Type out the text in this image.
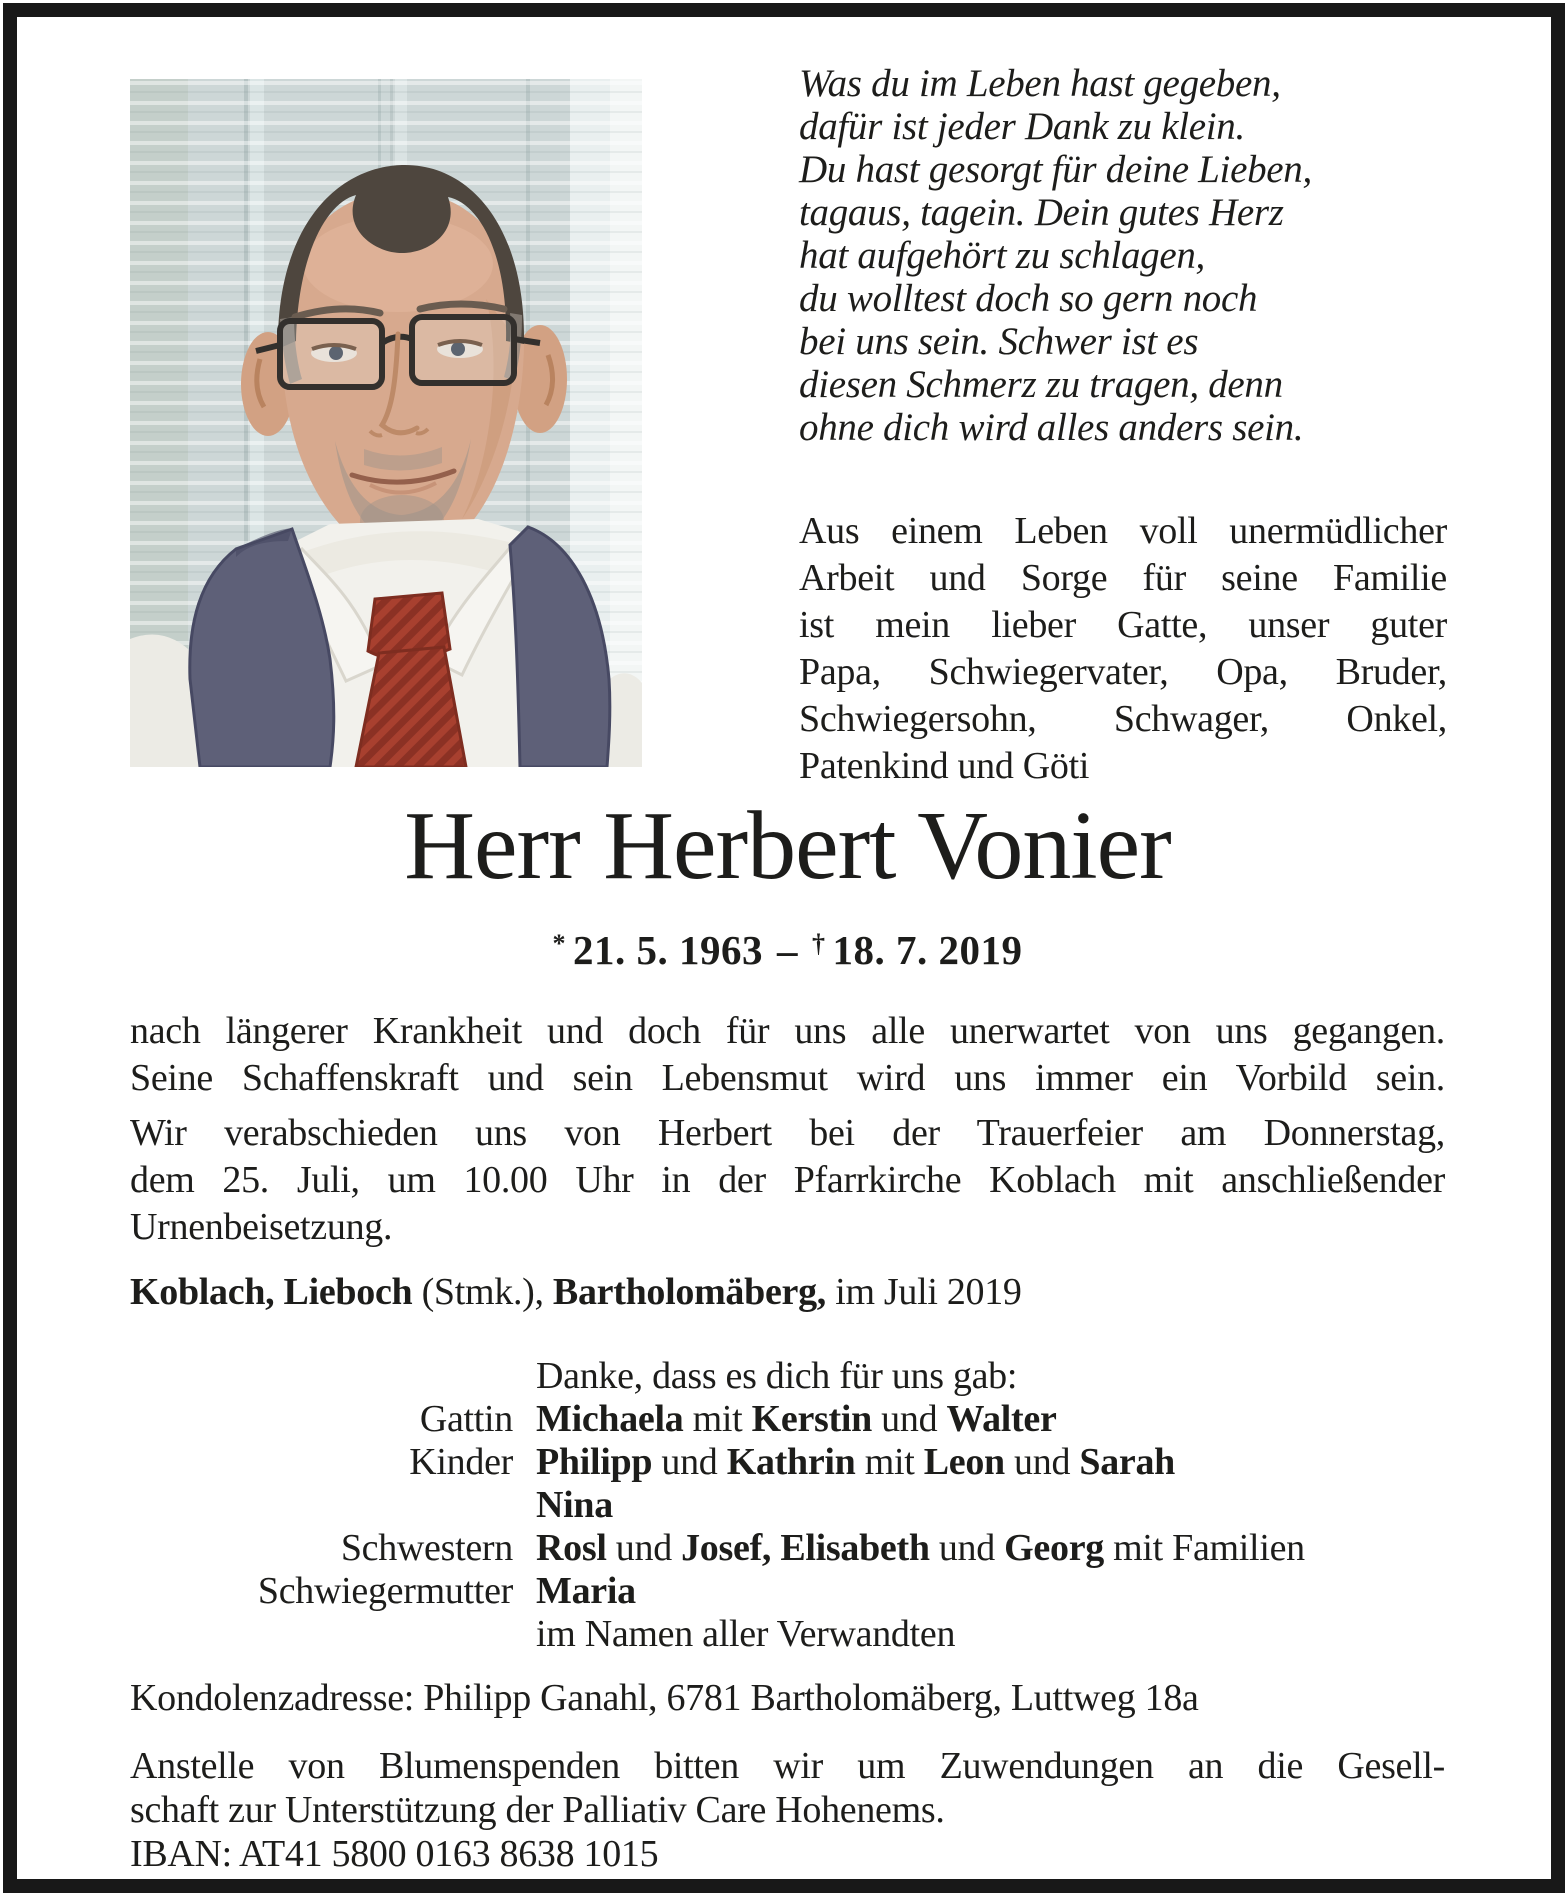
Was du im Leben hast gegeben,
dafür ist jeder Dank zu klein.
Du hast gesorgt für deine Lieben,
tagaus, tagein. Dein gutes Herz
hat aufgehört zu schlagen,
du wolltest doch so gern noch
bei uns sein. Schwer ist es
diesen Schmerz zu tragen, denn
ohne dich wird alles anders sein.
Aus einem Leben voll unermüdlicher
Arbeit und Sorge für seine Familie
ist mein lieber Gatte, unser guter
Papa, Schwiegervater, Opa, Bruder,
Schwiegersohn, Schwager, Onkel,
Patenkind und Göti
Herr Herbert Vonier
* 21. 5. 1963 – † 18. 7. 2019
nach längerer Krankheit und doch für uns alle unerwartet von uns gegangen.
Seine Schaffenskraft und sein Lebensmut wird uns immer ein Vorbild sein.
Wir verabschieden uns von Herbert bei der Trauerfeier am Donnerstag,
dem 25. Juli, um 10.00 Uhr in der Pfarrkirche Koblach mit anschließender
Urnenbeisetzung.
Koblach, Lieboch (Stmk.), Bartholomäberg, im Juli 2019
Danke, dass es dich für uns gab:
Gattin Michaela mit Kerstin und Walter
Kinder Philipp und Kathrin mit Leon und Sarah
Nina
Schwestern Rosl und Josef, Elisabeth und Georg mit Familien
Schwiegermutter Maria
im Namen aller Verwandten
Kondolenzadresse: Philipp Ganahl, 6781 Bartholomäberg, Luttweg 18a
Anstelle von Blumenspenden bitten wir um Zuwendungen an die Gesell-
schaft zur Unterstützung der Palliativ Care Hohenems.
IBAN: AT41 5800 0163 8638 1015
